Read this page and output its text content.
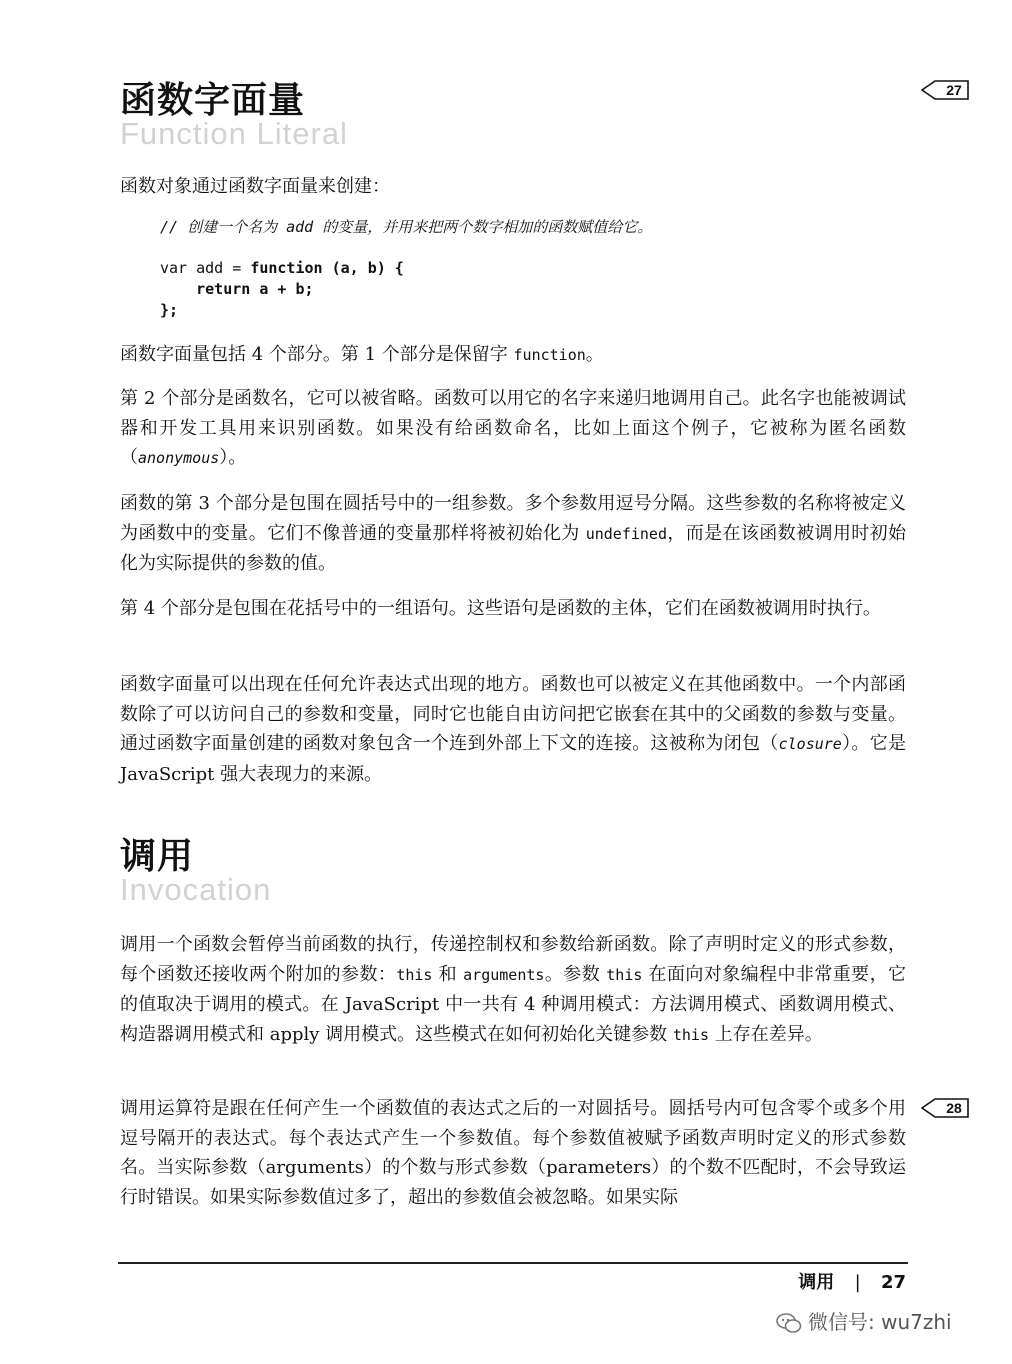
27
函数字面量
Function Literal

函数对象通过函数字面量来创建：

// 创建一个名为 add 的变量，并用来把两个数字相加的函数赋值给它。
var add = function (a, b) {
return a + b;
};

函数字面量包括 4 个部分。第 1 个部分是保留字 function。

第 2 个部分是函数名，它可以被省略。函数可以用它的名字来递归地调用自己。此名字也能被调试器和开发工具用来识别函数。如果没有给函数命名，比如上面这个例子，它被称为匿名函数（anonymous）。

函数的第 3 个部分是包围在圆括号中的一组参数。多个参数用逗号分隔。这些参数的名称将被定义为函数中的变量。它们不像普通的变量那样将被初始化为 undefined，而是在该函数被调用时初始化为实际提供的参数的值。

第 4 个部分是包围在花括号中的一组语句。这些语句是函数的主体，它们在函数被调用时执行。

函数字面量可以出现在任何允许表达式出现的地方。函数也可以被定义在其他函数中。一个内部函数除了可以访问自己的参数和变量，同时它也能自由访问把它嵌套在其中的父函数的参数与变量。通过函数字面量创建的函数对象包含一个连到外部上下文的连接。这被称为闭包（closure）。它是 JavaScript 强大表现力的来源。

调用
Invocation

调用一个函数会暂停当前函数的执行，传递控制权和参数给新函数。除了声明时定义的形式参数，每个函数还接收两个附加的参数：this 和 arguments。参数 this 在面向对象编程中非常重要，它的值取决于调用的模式。在 JavaScript 中一共有 4 种调用模式：方法调用模式、函数调用模式、构造器调用模式和 apply 调用模式。这些模式在如何初始化关键参数 this 上存在差异。

28

调用运算符是跟在任何产生一个函数值的表达式之后的一对圆括号。圆括号内可包含零个或多个用逗号隔开的表达式。每个表达式产生一个参数值。每个参数值被赋予函数声明时定义的形式参数名。当实际参数（arguments）的个数与形式参数（parameters）的个数不匹配时，不会导致运行时错误。如果实际参数值过多了，超出的参数值会被忽略。如果实际

调用 | 27
微信号: wu7zhi
